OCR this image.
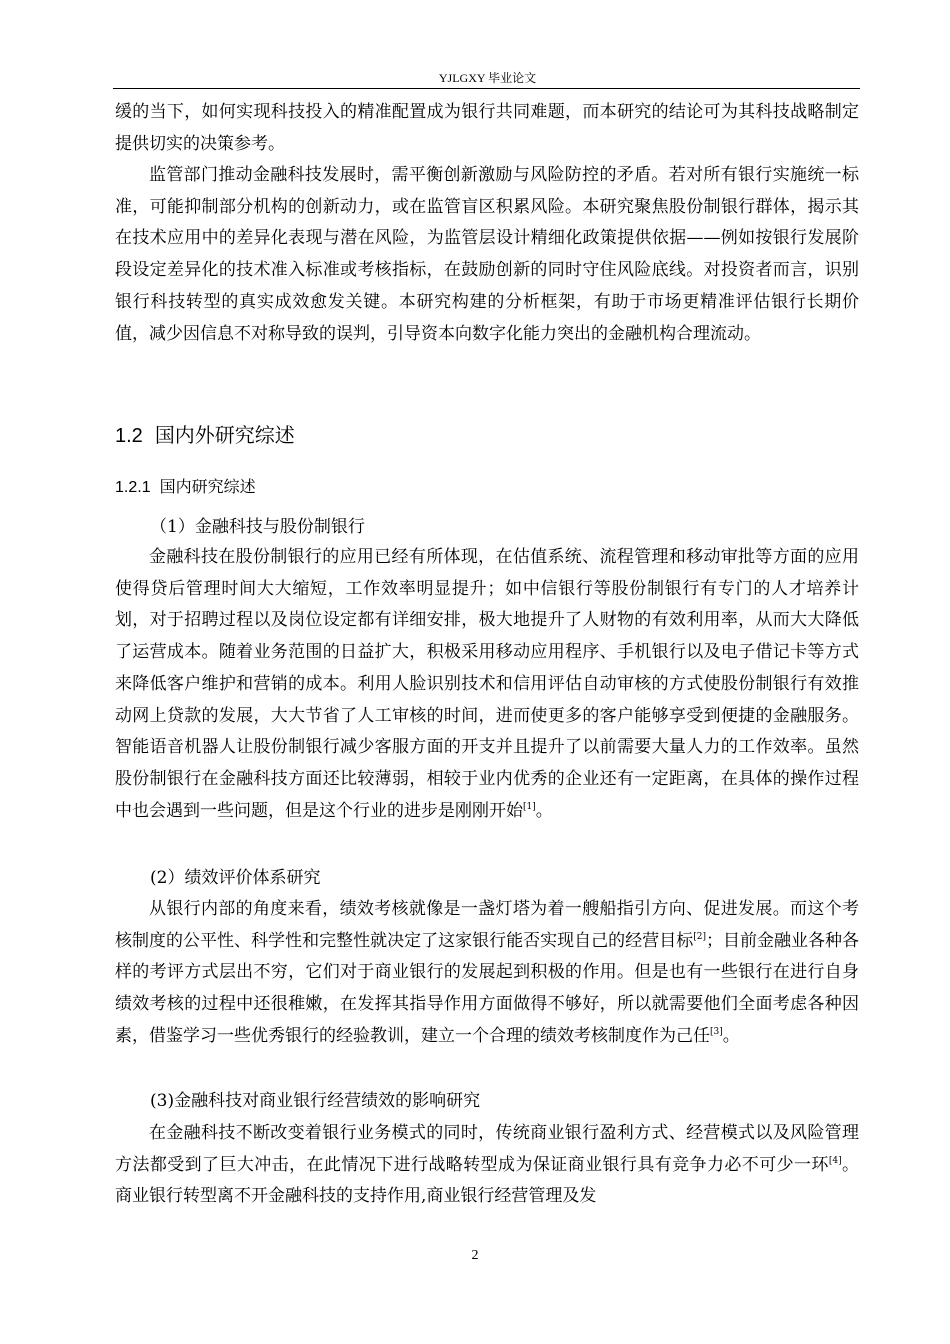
YJLGXY 毕业论文
缓的当下，如何实现科技投入的精准配置成为银行共同难题，而本研究的结论可为其科技战略制定提供切实的决策参考。
监管部门推动金融科技发展时，需平衡创新激励与风险防控的矛盾。若对所有银行实施统一标准，可能抑制部分机构的创新动力，或在监管盲区积累风险。本研究聚焦股份制银行群体，揭示其在技术应用中的差异化表现与潜在风险，为监管层设计精细化政策提供依据——例如按银行发展阶段设定差异化的技术准入标准或考核指标，在鼓励创新的同时守住风险底线。对投资者而言，识别银行科技转型的真实成效愈发关键。本研究构建的分析框架，有助于市场更精准评估银行长期价值，减少因信息不对称导致的误判，引导资本向数字化能力突出的金融机构合理流动。
1.2 国内外研究综述
1.2.1 国内研究综述
（1）金融科技与股份制银行
金融科技在股份制银行的应用已经有所体现，在估值系统、流程管理和移动审批等方面的应用使得贷后管理时间大大缩短，工作效率明显提升；如中信银行等股份制银行有专门的人才培养计划，对于招聘过程以及岗位设定都有详细安排，极大地提升了人财物的有效利用率，从而大大降低了运营成本。随着业务范围的日益扩大，积极采用移动应用程序、手机银行以及电子借记卡等方式来降低客户维护和营销的成本。利用人脸识别技术和信用评估自动审核的方式使股份制银行有效推动网上贷款的发展，大大节省了人工审核的时间，进而使更多的客户能够享受到便捷的金融服务。智能语音机器人让股份制银行减少客服方面的开支并且提升了以前需要大量人力的工作效率。虽然股份制银行在金融科技方面还比较薄弱，相较于业内优秀的企业还有一定距离，在具体的操作过程中也会遇到一些问题，但是这个行业的进步是刚刚开始[1]。
(2）绩效评价体系研究
从银行内部的角度来看，绩效考核就像是一盏灯塔为着一艘船指引方向、促进发展。而这个考核制度的公平性、科学性和完整性就决定了这家银行能否实现自己的经营目标[2]；目前金融业各种各样的考评方式层出不穷，它们对于商业银行的发展起到积极的作用。但是也有一些银行在进行自身绩效考核的过程中还很稚嫩，在发挥其指导作用方面做得不够好，所以就需要他们全面考虑各种因素，借鉴学习一些优秀银行的经验教训，建立一个合理的绩效考核制度作为己任[3]。
(3)金融科技对商业银行经营绩效的影响研究
在金融科技不断改变着银行业务模式的同时，传统商业银行盈利方式、经营模式以及风险管理方法都受到了巨大冲击，在此情况下进行战略转型成为保证商业银行具有竞争力必不可少一环[4]。 商业银行转型离不开金融科技的支持作用,商业银行经营管理及发
2
